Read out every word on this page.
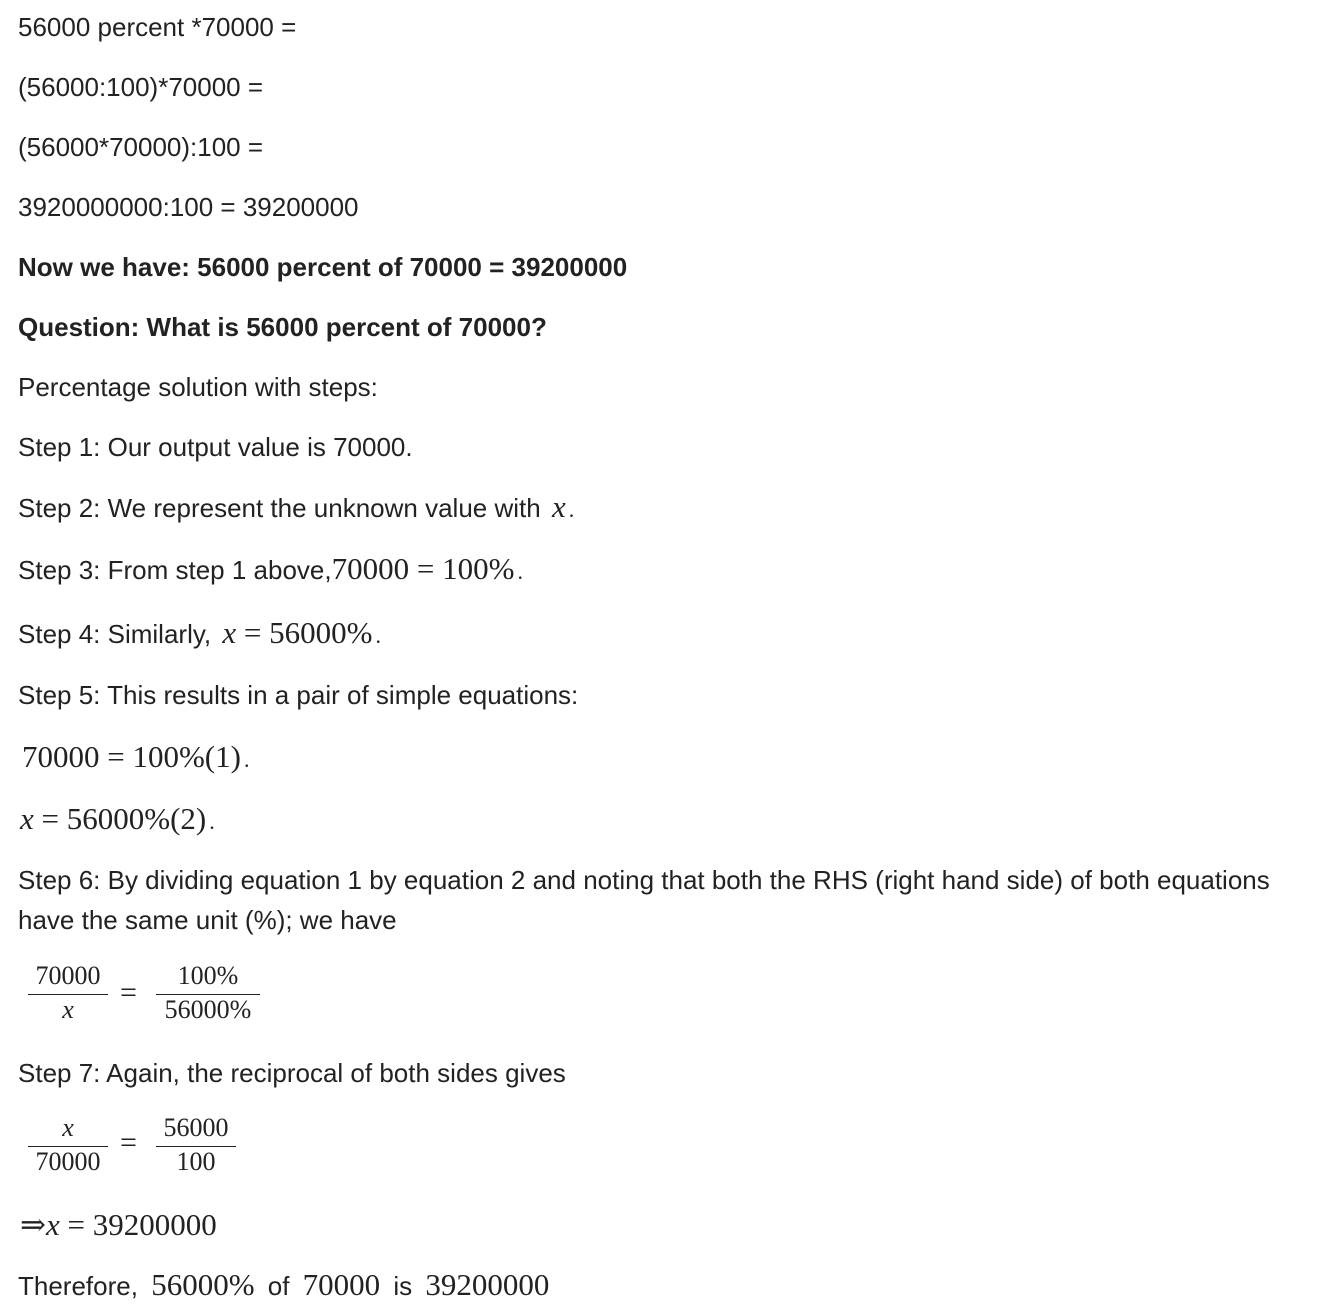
56000 percent *70000 =
(56000:100)*70000 =
(56000*70000):100 =
3920000000:100 = 39200000
Now we have: 56000 percent of 70000 = 39200000
Question: What is 56000 percent of 70000?
Percentage solution with steps:
Step 1: Our output value is 70000.
Step 2: We represent the unknown value with x .
Step 3: From step 1 above,70000 = 100% .
Step 4: Similarly, x = 56000% .
Step 5: This results in a pair of simple equations:
70000 = 100%(1) .
x = 56000%(2) .
Step 6: By dividing equation 1 by equation 2 and noting that both the RHS (right hand side) of both equations have the same unit (%); we have
70000
x
=
100%
56000%
Step 7: Again, the reciprocal of both sides gives
x
70000
= 56000
100
⇒x = 39200000
Therefore, 56000% of 70000 is 39200000
